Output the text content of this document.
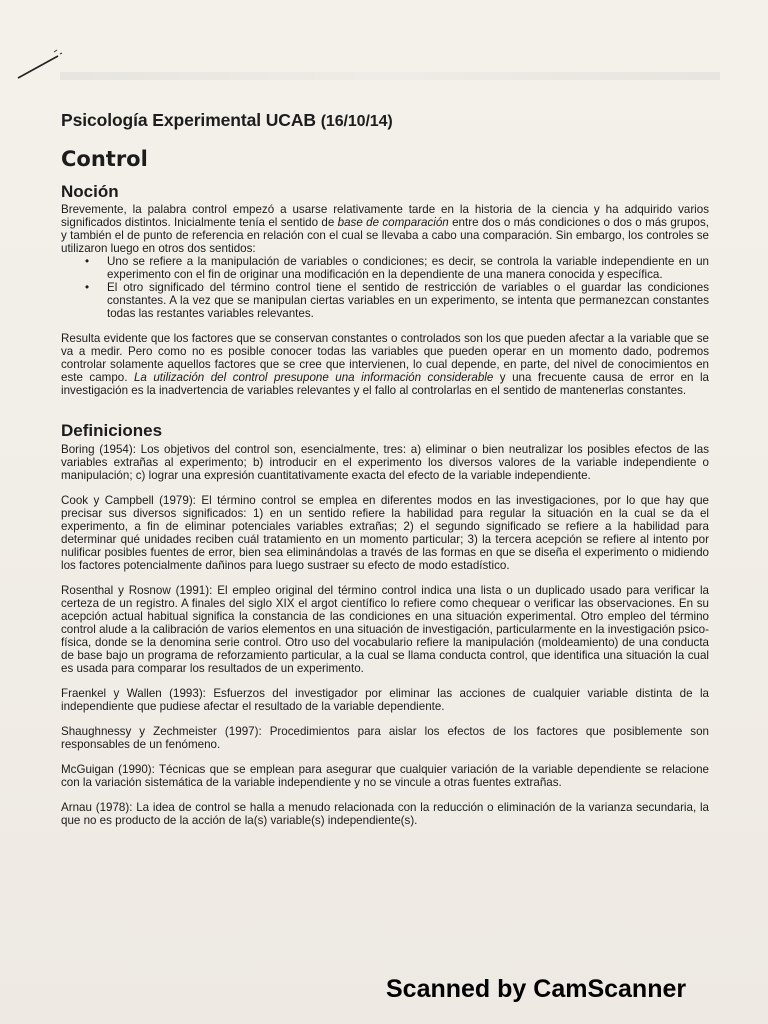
Psicología Experimental UCAB (16/10/14)
Control
Noción

Brevemente, la palabra control empezó a usarse relativamente tarde en la historia de la ciencia y ha adquirido varios significados distintos. Inicialmente tenía el sentido de base de comparación entre dos o más condiciones o dos o más grupos, y también el de punto de referencia en relación con el cual se llevaba a cabo una comparación. Sin embargo, los controles se utilizaron luego en otros dos sentidos:

• Uno se refiere a la manipulación de variables o condiciones; es decir, se controla la variable independiente en un experimento con el fin de originar una modificación en la dependiente de una manera conocida y específica.
• El otro significado del término control tiene el sentido de restricción de variables o el guardar las condiciones constantes. A la vez que se manipulan ciertas variables en un experimento, se intenta que permanezcan constantes todas las restantes variables relevantes.

Resulta evidente que los factores que se conservan constantes o controlados son los que pueden afectar a la variable que se va a medir. Pero como no es posible conocer todas las variables que pueden operar en un momento dado, podremos controlar solamente aquellos factores que se cree que intervienen, lo cual depende, en parte, del nivel de conocimientos en este campo. La utilización del control presupone una información considerable y una frecuente causa de error en la investigación es la inadvertencia de variables relevantes y el fallo al controlarlas en el sentido de mantenerlas constantes.

Definiciones

Boring (1954): Los objetivos del control son, esencialmente, tres: a) eliminar o bien neutralizar los posibles efectos de las variables extrañas al experimento; b) introducir en el experimento los diversos valores de la variable independiente o manipulación; c) lograr una expresión cuantitativamente exacta del efecto de la variable independiente.

Cook y Campbell (1979): El término control se emplea en diferentes modos en las investigaciones, por lo que hay que precisar sus diversos significados: 1) en un sentido refiere la habilidad para regular la situación en la cual se da el experimento, a fin de eliminar potenciales variables extrañas; 2) el segundo significado se refiere a la habilidad para determinar qué unidades reciben cuál tratamiento en un momento particular; 3) la tercera acepción se refiere al intento por nulificar posibles fuentes de error, bien sea eliminándolas a través de las formas en que se diseña el experimento o midiendo los factores potencialmente dañinos para luego sustraer su efecto de modo estadístico.

Rosenthal y Rosnow (1991): El empleo original del término control indica una lista o un duplicado usado para verificar la certeza de un registro. A finales del siglo XIX el argot científico lo refiere como chequear o verificar las observaciones. En su acepción actual habitual significa la constancia de las condiciones en una situación experimental. Otro empleo del término control alude a la calibración de varios elementos en una situación de investigación, particularmente en la investigación psico-física, donde se la denomina serie control. Otro uso del vocabulario refiere la manipulación (moldeamiento) de una conducta de base bajo un programa de reforzamiento particular, a la cual se llama conducta control, que identifica una situación la cual es usada para comparar los resultados de un experimento.

Fraenkel y Wallen (1993): Esfuerzos del investigador por eliminar las acciones de cualquier variable distinta de la independiente que pudiese afectar el resultado de la variable dependiente.

Shaughnessy y Zechmeister (1997): Procedimientos para aislar los efectos de los factores que posiblemente son responsables de un fenómeno.

McGuigan (1990): Técnicas que se emplean para asegurar que cualquier variación de la variable dependiente se relacione con la variación sistemática de la variable independiente y no se vincule a otras fuentes extrañas.

Arnau (1978): La idea de control se halla a menudo relacionada con la reducción o eliminación de la varianza secundaria, la que no es producto de la acción de la(s) variable(s) independiente(s).

Scanned by CamScanner
